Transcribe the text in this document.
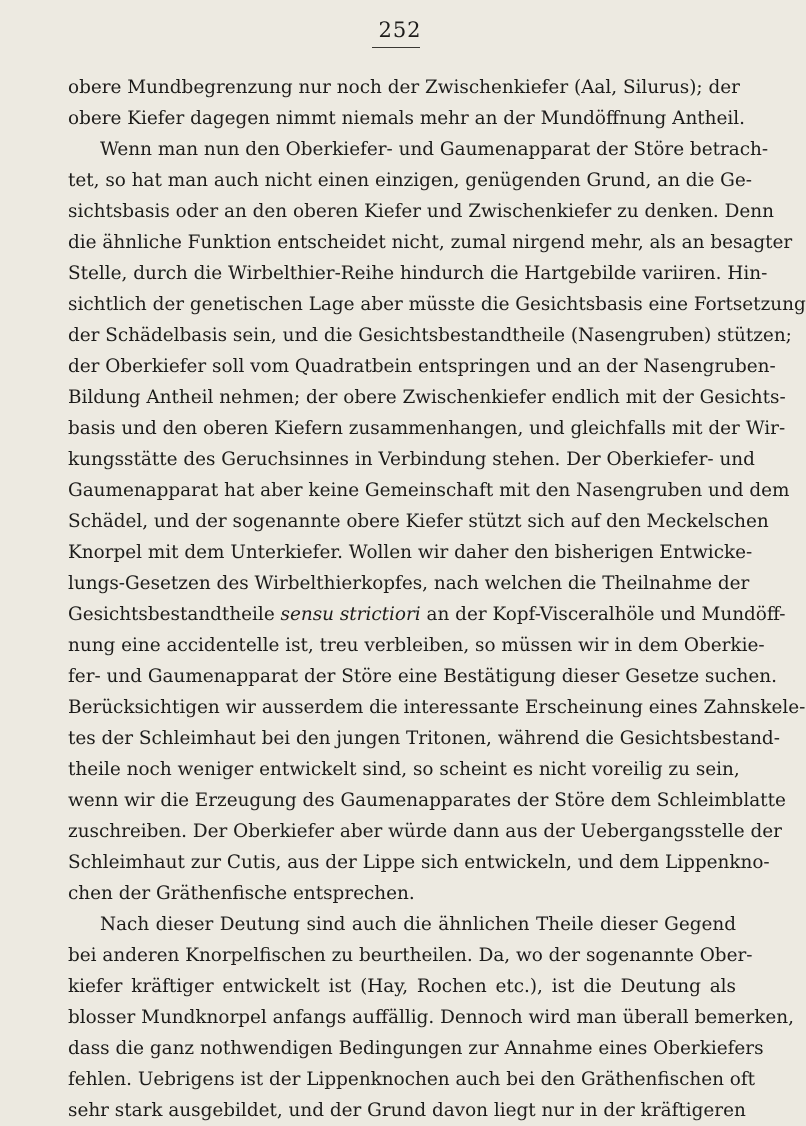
252
obere Mundbegrenzung nur noch der Zwischenkiefer (Aal, Silurus); der
obere Kiefer dagegen nimmt niemals mehr an der Mundöffnung Antheil.
Wenn man nun den Oberkiefer- und Gaumenapparat der Störe betrach-
tet, so hat man auch nicht einen einzigen, genügenden Grund, an die Ge-
sichtsbasis oder an den oberen Kiefer und Zwischenkiefer zu denken. Denn
die ähnliche Funktion entscheidet nicht, zumal nirgend mehr, als an besagter
Stelle, durch die Wirbelthier-Reihe hindurch die Hartgebilde variiren. Hin-
sichtlich der genetischen Lage aber müsste die Gesichtsbasis eine Fortsetzung
der Schädelbasis sein, und die Gesichtsbestandtheile (Nasengruben) stützen;
der Oberkiefer soll vom Quadratbein entspringen und an der Nasengruben-
Bildung Antheil nehmen; der obere Zwischenkiefer endlich mit der Gesichts-
basis und den oberen Kiefern zusammenhangen, und gleichfalls mit der Wir-
kungsstätte des Geruchsinnes in Verbindung stehen. Der Oberkiefer- und
Gaumenapparat hat aber keine Gemeinschaft mit den Nasengruben und dem
Schädel, und der sogenannte obere Kiefer stützt sich auf den Meckelschen
Knorpel mit dem Unterkiefer. Wollen wir daher den bisherigen Entwicke-
lungs-Gesetzen des Wirbelthierkopfes, nach welchen die Theilnahme der
Gesichtsbestandtheile sensu strictiori an der Kopf-Visceralhöle und Mundöff-
nung eine accidentelle ist, treu verbleiben, so müssen wir in dem Oberkie-
fer- und Gaumenapparat der Störe eine Bestätigung dieser Gesetze suchen.
Berücksichtigen wir ausserdem die interessante Erscheinung eines Zahnskele-
tes der Schleimhaut bei den jungen Tritonen, während die Gesichtsbestand-
theile noch weniger entwickelt sind, so scheint es nicht voreilig zu sein,
wenn wir die Erzeugung des Gaumenapparates der Störe dem Schleimblatte
zuschreiben. Der Oberkiefer aber würde dann aus der Uebergangsstelle der
Schleimhaut zur Cutis, aus der Lippe sich entwickeln, und dem Lippenkno-
chen der Gräthenfische entsprechen.
Nach dieser Deutung sind auch die ähnlichen Theile dieser Gegend
bei anderen Knorpelfischen zu beurtheilen. Da, wo der sogenannte Ober-
kiefer kräftiger entwickelt ist (Hay, Rochen etc.), ist die Deutung als
blosser Mundknorpel anfangs auffällig. Dennoch wird man überall bemerken,
dass die ganz nothwendigen Bedingungen zur Annahme eines Oberkiefers
fehlen. Uebrigens ist der Lippenknochen auch bei den Gräthenfischen oft
sehr stark ausgebildet, und der Grund davon liegt nur in der kräftigeren
